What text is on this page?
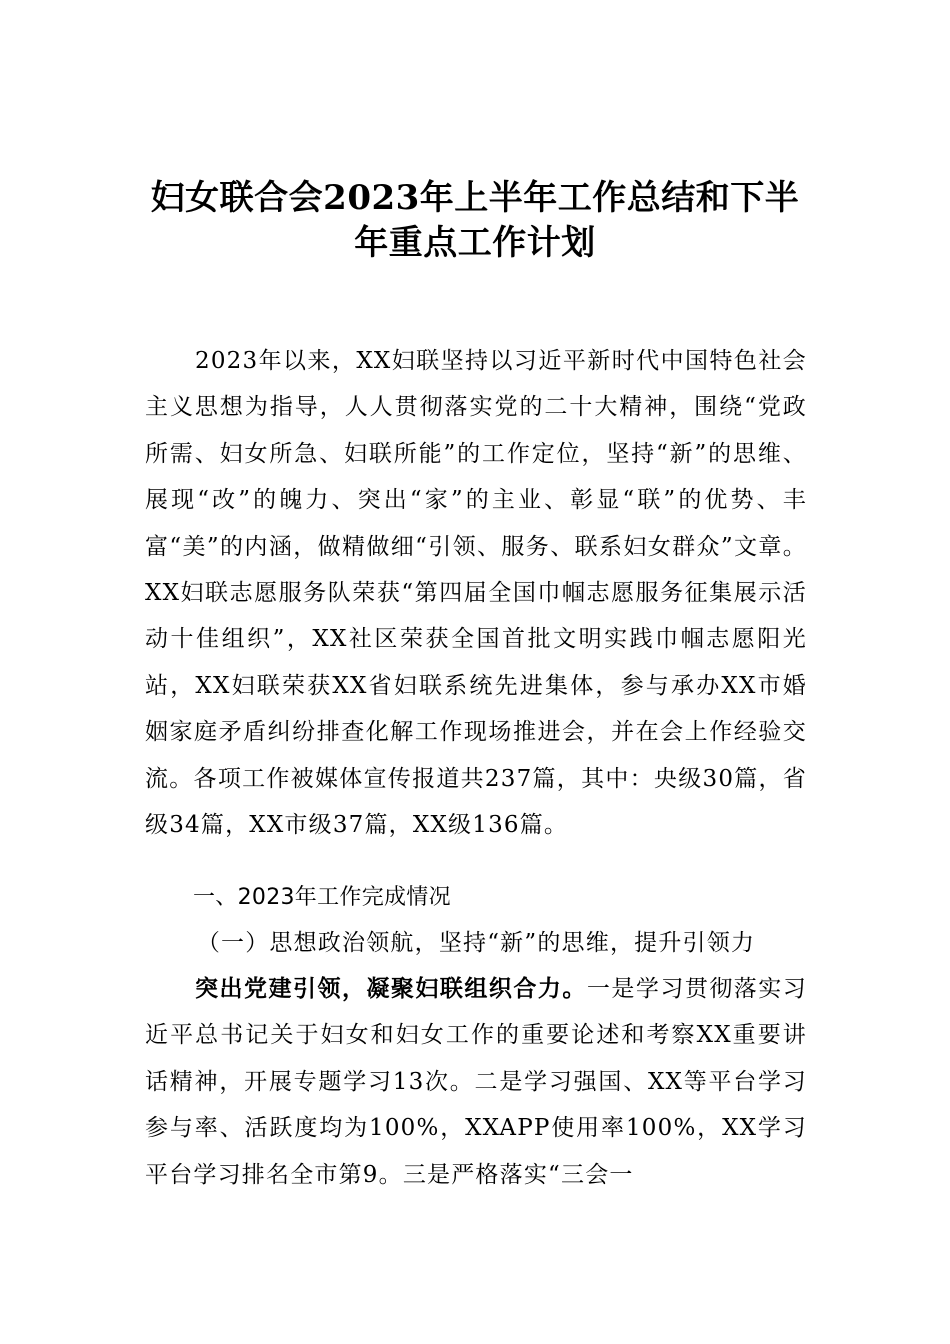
妇女联合会2023年上半年工作总结和下半
年重点工作计划

2023年以来，XX妇联坚持以习近平新时代中国特色社会主义思想为指导，人人贯彻落实党的二十大精神，围绕“党政所需、妇女所急、妇联所能”的工作定位，坚持“新”的思维、展现“改”的魄力、突出“家”的主业、彰显“联”的优势、丰富“美”的内涵，做精做细“引领、服务、联系妇女群众”文章。XX妇联志愿服务队荣获“第四届全国巾帼志愿服务征集展示活动十佳组织”，XX社区荣获全国首批文明实践巾帼志愿阳光站，XX妇联荣获XX省妇联系统先进集体，参与承办XX市婚姻家庭矛盾纠纷排查化解工作现场推进会，并在会上作经验交流。各项工作被媒体宣传报道共237篇，其中：央级30篇，省级34篇，XX市级37篇，XX级136篇。

一、2023年工作完成情况
（一）思想政治领航，坚持“新”的思维，提升引领力

突出党建引领，凝聚妇联组织合力。一是学习贯彻落实习近平总书记关于妇女和妇女工作的重要论述和考察XX重要讲话精神，开展专题学习13次。二是学习强国、XX等平台学习参与率、活跃度均为100%，XXAPP使用率100%，XX学习平台学习排名全市第9。三是严格落实“三会一
